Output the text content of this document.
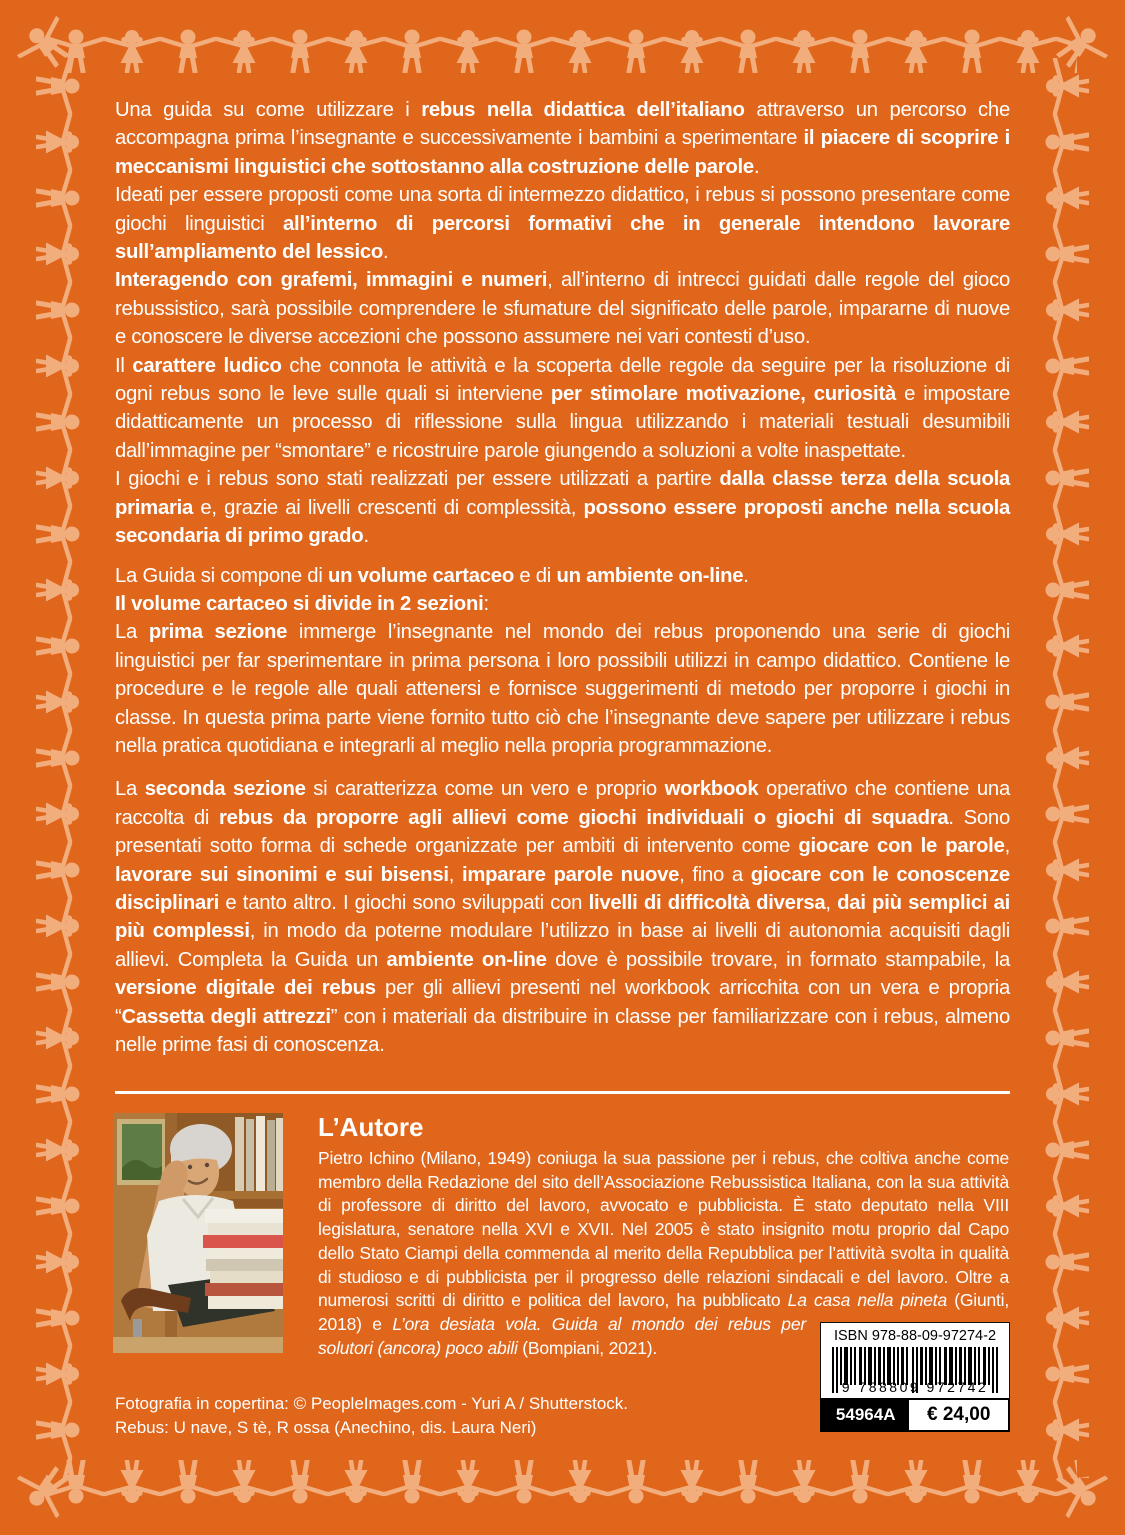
Una guida su come utilizzare i rebus nella didattica dell’italiano attraverso un percorso che accompagna prima l’insegnante e successivamente i bambini a sperimentare il piacere di scoprire i meccanismi linguistici che sottostanno alla costruzione delle parole.

Ideati per essere proposti come una sorta di intermezzo didattico, i rebus si possono presentare come giochi linguistici all’interno di percorsi formativi che in generale intendono lavorare sull’ampliamento del lessico.

Interagendo con grafemi, immagini e numeri, all’interno di intrecci guidati dalle regole del gioco rebussistico, sarà possibile comprendere le sfumature del significato delle parole, impararne di nuove e conoscere le diverse accezioni che possono assumere nei vari contesti d’uso.

Il carattere ludico che connota le attività e la scoperta delle regole da seguire per la risoluzione di ogni rebus sono le leve sulle quali si interviene per stimolare motivazione, curiosità e impostare didatticamente un processo di riflessione sulla lingua utilizzando i materiali testuali desumibili dall’immagine per “smontare” e ricostruire parole giungendo a soluzioni a volte inaspettate.

I giochi e i rebus sono stati realizzati per essere utilizzati a partire dalla classe terza della scuola primaria e, grazie ai livelli crescenti di complessità, possono essere proposti anche nella scuola secondaria di primo grado.

La Guida si compone di un volume cartaceo e di un ambiente on-line.

Il volume cartaceo si divide in 2 sezioni:

La prima sezione immerge l’insegnante nel mondo dei rebus proponendo una serie di giochi linguistici per far sperimentare in prima persona i loro possibili utilizzi in campo didattico. Contiene le procedure e le regole alle quali attenersi e fornisce suggerimenti di metodo per proporre i giochi in classe. In questa prima parte viene fornito tutto ciò che l’insegnante deve sapere per utilizzare i rebus nella pratica quotidiana e integrarli al meglio nella propria programmazione.

La seconda sezione si caratterizza come un vero e proprio workbook operativo che contiene una raccolta di rebus da proporre agli allievi come giochi individuali o giochi di squadra. Sono presentati sotto forma di schede organizzate per ambiti di intervento come giocare con le parole, lavorare sui sinonimi e sui bisensi, imparare parole nuove, fino a giocare con le conoscenze disciplinari e tanto altro. I giochi sono sviluppati con livelli di difficoltà diversa, dai più semplici ai più complessi, in modo da poterne modulare l’utilizzo in base ai livelli di autonomia acquisiti dagli allievi. Completa la Guida un ambiente on-line dove è possibile trovare, in formato stampabile, la versione digitale dei rebus per gli allievi presenti nel workbook arricchita con un vera e propria “Cassetta degli attrezzi” con i materiali da distribuire in classe per familiarizzare con i rebus, almeno nelle prime fasi di conoscenza.

L’Autore

Pietro Ichino (Milano, 1949) coniuga la sua passione per i rebus, che coltiva anche come membro della Redazione del sito dell’Associazione Rebussistica Italiana, con la sua attività di professore di diritto del lavoro, avvocato e pubblicista. È stato deputato nella VIII legislatura, senatore nella XVI e XVII. Nel 2005 è stato insignito motu proprio dal Capo dello Stato Ciampi della commenda al merito della Repubblica per l’attività svolta in qualità di studioso e di pubblicista per il progresso delle relazioni sindacali e del lavoro. Oltre a numerosi scritti di diritto e politica del lavoro, ha pubblicato La casa nella pineta (Giunti, 2018) e L’ora desiata vola. Guida al mondo dei rebus per solutori (ancora) poco abili (Bompiani, 2021).

Fotografia in copertina: © PeopleImages.com - Yuri A / Shutterstock.

Rebus: U nave, S tè, R ossa (Anechino, dis. Laura Neri)

ISBN 978-88-09-97274-2
9 788809 972742
54964A	€ 24,00
